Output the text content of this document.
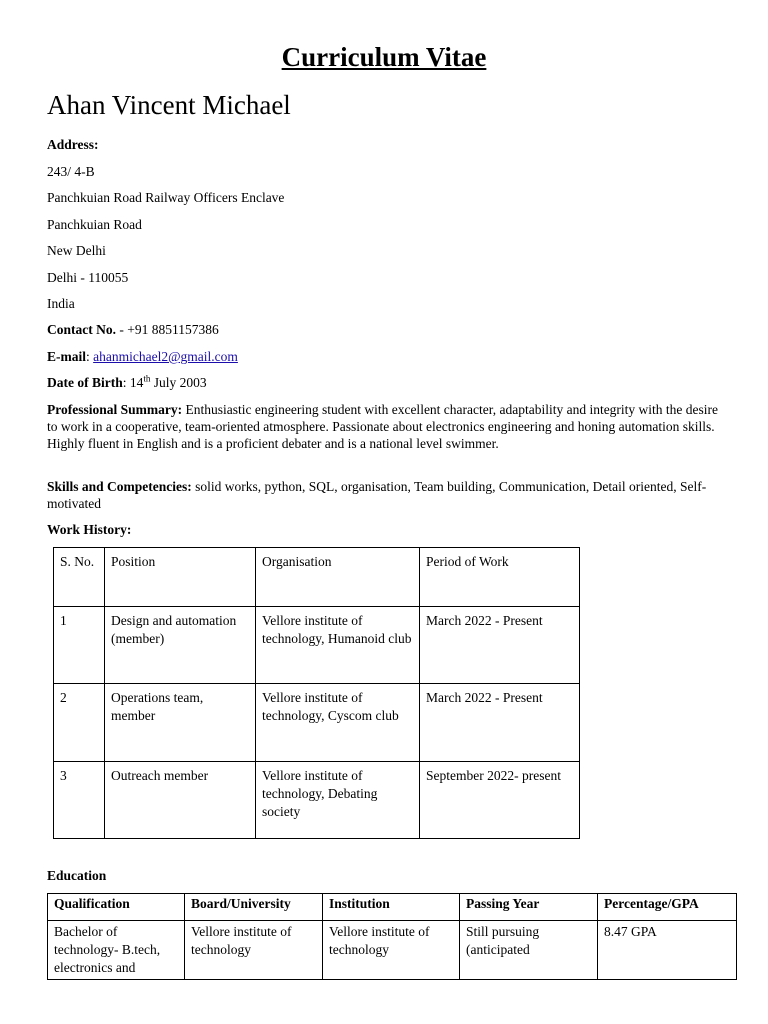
Curriculum Vitae
Ahan Vincent Michael
Address:
243/ 4-B
Panchkuian Road Railway Officers Enclave
Panchkuian Road
New Delhi
Delhi - 110055
India
Contact No. - +91 8851157386
E-mail: ahanmichael2@gmail.com
Date of Birth: 14th July 2003
Professional Summary: Enthusiastic engineering student with excellent character, adaptability and integrity with the desire to work in a cooperative, team-oriented atmosphere. Passionate about electronics engineering and honing automation skills. Highly fluent in English and is a proficient debater and is a national level swimmer.
Skills and Competencies: solid works, python, SQL, organisation, Team building, Communication, Detail oriented, Self-motivated
Work History:
S. No.	Position	Organisation	Period of Work
1	Design and automation (member)	Vellore institute of technology, Humanoid club	March 2022 - Present
2	Operations team, member	Vellore institute of technology, Cyscom club	March 2022 - Present
3	Outreach member	Vellore institute of technology, Debating society	September 2022- present
Education
Qualification	Board/University	Institution	Passing Year	Percentage/GPA
Bachelor of technology- B.tech, electronics and	Vellore institute of technology	Vellore institute of technology	Still pursuing (anticipated	8.47 GPA
